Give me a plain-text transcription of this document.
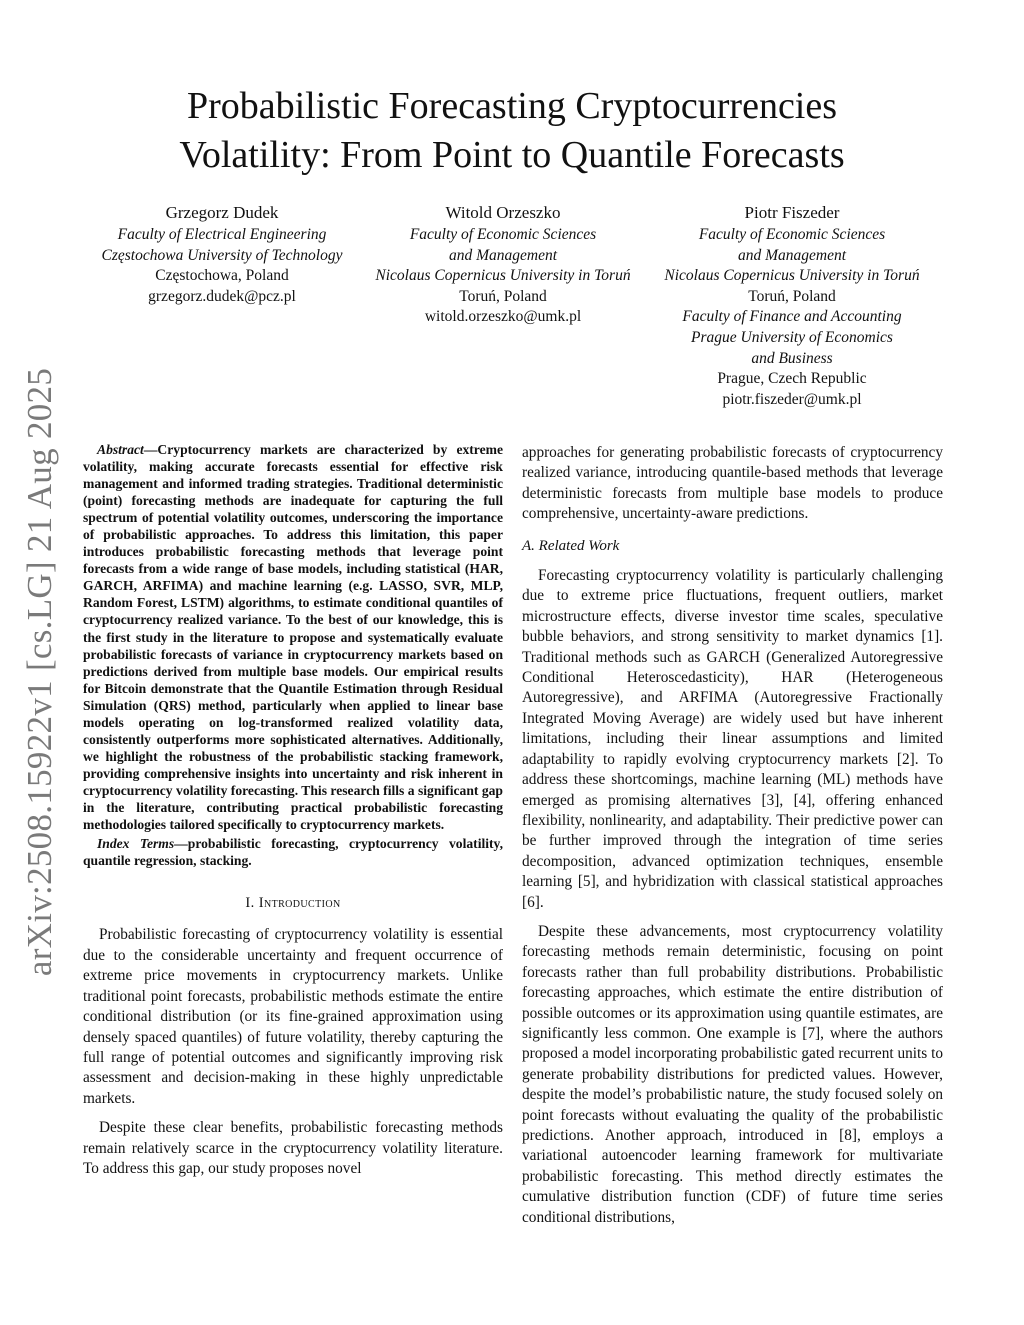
arXiv:2508.15922v1 [cs.LG] 21 Aug 2025
Probabilistic Forecasting Cryptocurrencies
Volatility: From Point to Quantile Forecasts
Grzegorz Dudek
Faculty of Electrical Engineering
Częstochowa University of Technology
Częstochowa, Poland
grzegorz.dudek@pcz.pl
Witold Orzeszko
Faculty of Economic Sciences
and Management
Nicolaus Copernicus University in Toruń
Toruń, Poland
witold.orzeszko@umk.pl
Piotr Fiszeder
Faculty of Economic Sciences
and Management
Nicolaus Copernicus University in Toruń
Toruń, Poland
Faculty of Finance and Accounting
Prague University of Economics
and Business
Prague, Czech Republic
piotr.fiszeder@umk.pl

Abstract—Cryptocurrency markets are characterized by extreme volatility, making accurate forecasts essential for effective risk management and informed trading strategies. Traditional deterministic (point) forecasting methods are inadequate for capturing the full spectrum of potential volatility outcomes, underscoring the importance of probabilistic approaches. To address this limitation, this paper introduces probabilistic forecasting methods that leverage point forecasts from a wide range of base models, including statistical (HAR, GARCH, ARFIMA) and machine learning (e.g. LASSO, SVR, MLP, Random Forest, LSTM) algorithms, to estimate conditional quantiles of cryptocurrency realized variance. To the best of our knowledge, this is the first study in the literature to propose and systematically evaluate probabilistic forecasts of variance in cryptocurrency markets based on predictions derived from multiple base models. Our empirical results for Bitcoin demonstrate that the Quantile Estimation through Residual Simulation (QRS) method, particularly when applied to linear base models operating on log-transformed realized volatility data, consistently outperforms more sophisticated alternatives. Additionally, we highlight the robustness of the probabilistic stacking framework, providing comprehensive insights into uncertainty and risk inherent in cryptocurrency volatility forecasting. This research fills a significant gap in the literature, contributing practical probabilistic forecasting methodologies tailored specifically to cryptocurrency markets.

Index Terms—probabilistic forecasting, cryptocurrency volatility, quantile regression, stacking.

I. Introduction

Probabilistic forecasting of cryptocurrency volatility is essential due to the considerable uncertainty and frequent occurrence of extreme price movements in cryptocurrency markets. Unlike traditional point forecasts, probabilistic methods estimate the entire conditional distribution (or its fine-grained approximation using densely spaced quantiles) of future volatility, thereby capturing the full range of potential outcomes and significantly improving risk assessment and decision-making in these highly unpredictable markets.

Despite these clear benefits, probabilistic forecasting methods remain relatively scarce in the cryptocurrency volatility literature. To address this gap, our study proposes novel

approaches for generating probabilistic forecasts of cryptocurrency realized variance, introducing quantile-based methods that leverage deterministic forecasts from multiple base models to produce comprehensive, uncertainty-aware predictions.

A. Related Work

Forecasting cryptocurrency volatility is particularly challenging due to extreme price fluctuations, frequent outliers, market microstructure effects, diverse investor time scales, speculative bubble behaviors, and strong sensitivity to market dynamics [1]. Traditional methods such as GARCH (Generalized Autoregressive Conditional Heteroscedasticity), HAR (Heterogeneous Autoregressive), and ARFIMA (Autoregressive Fractionally Integrated Moving Average) are widely used but have inherent limitations, including their linear assumptions and limited adaptability to rapidly evolving cryptocurrency markets [2]. To address these shortcomings, machine learning (ML) methods have emerged as promising alternatives [3], [4], offering enhanced flexibility, nonlinearity, and adaptability. Their predictive power can be further improved through the integration of time series decomposition, advanced optimization techniques, ensemble learning [5], and hybridization with classical statistical approaches [6].

Despite these advancements, most cryptocurrency volatility forecasting methods remain deterministic, focusing on point forecasts rather than full probability distributions. Probabilistic forecasting approaches, which estimate the entire distribution of possible outcomes or its approximation using quantile estimates, are significantly less common. One example is [7], where the authors proposed a model incorporating probabilistic gated recurrent units to generate probability distributions for predicted values. However, despite the model’s probabilistic nature, the study focused solely on point forecasts without evaluating the quality of the probabilistic predictions. Another approach, introduced in [8], employs a variational autoencoder learning framework for multivariate probabilistic forecasting. This method directly estimates the cumulative distribution function (CDF) of future time series conditional distributions,
